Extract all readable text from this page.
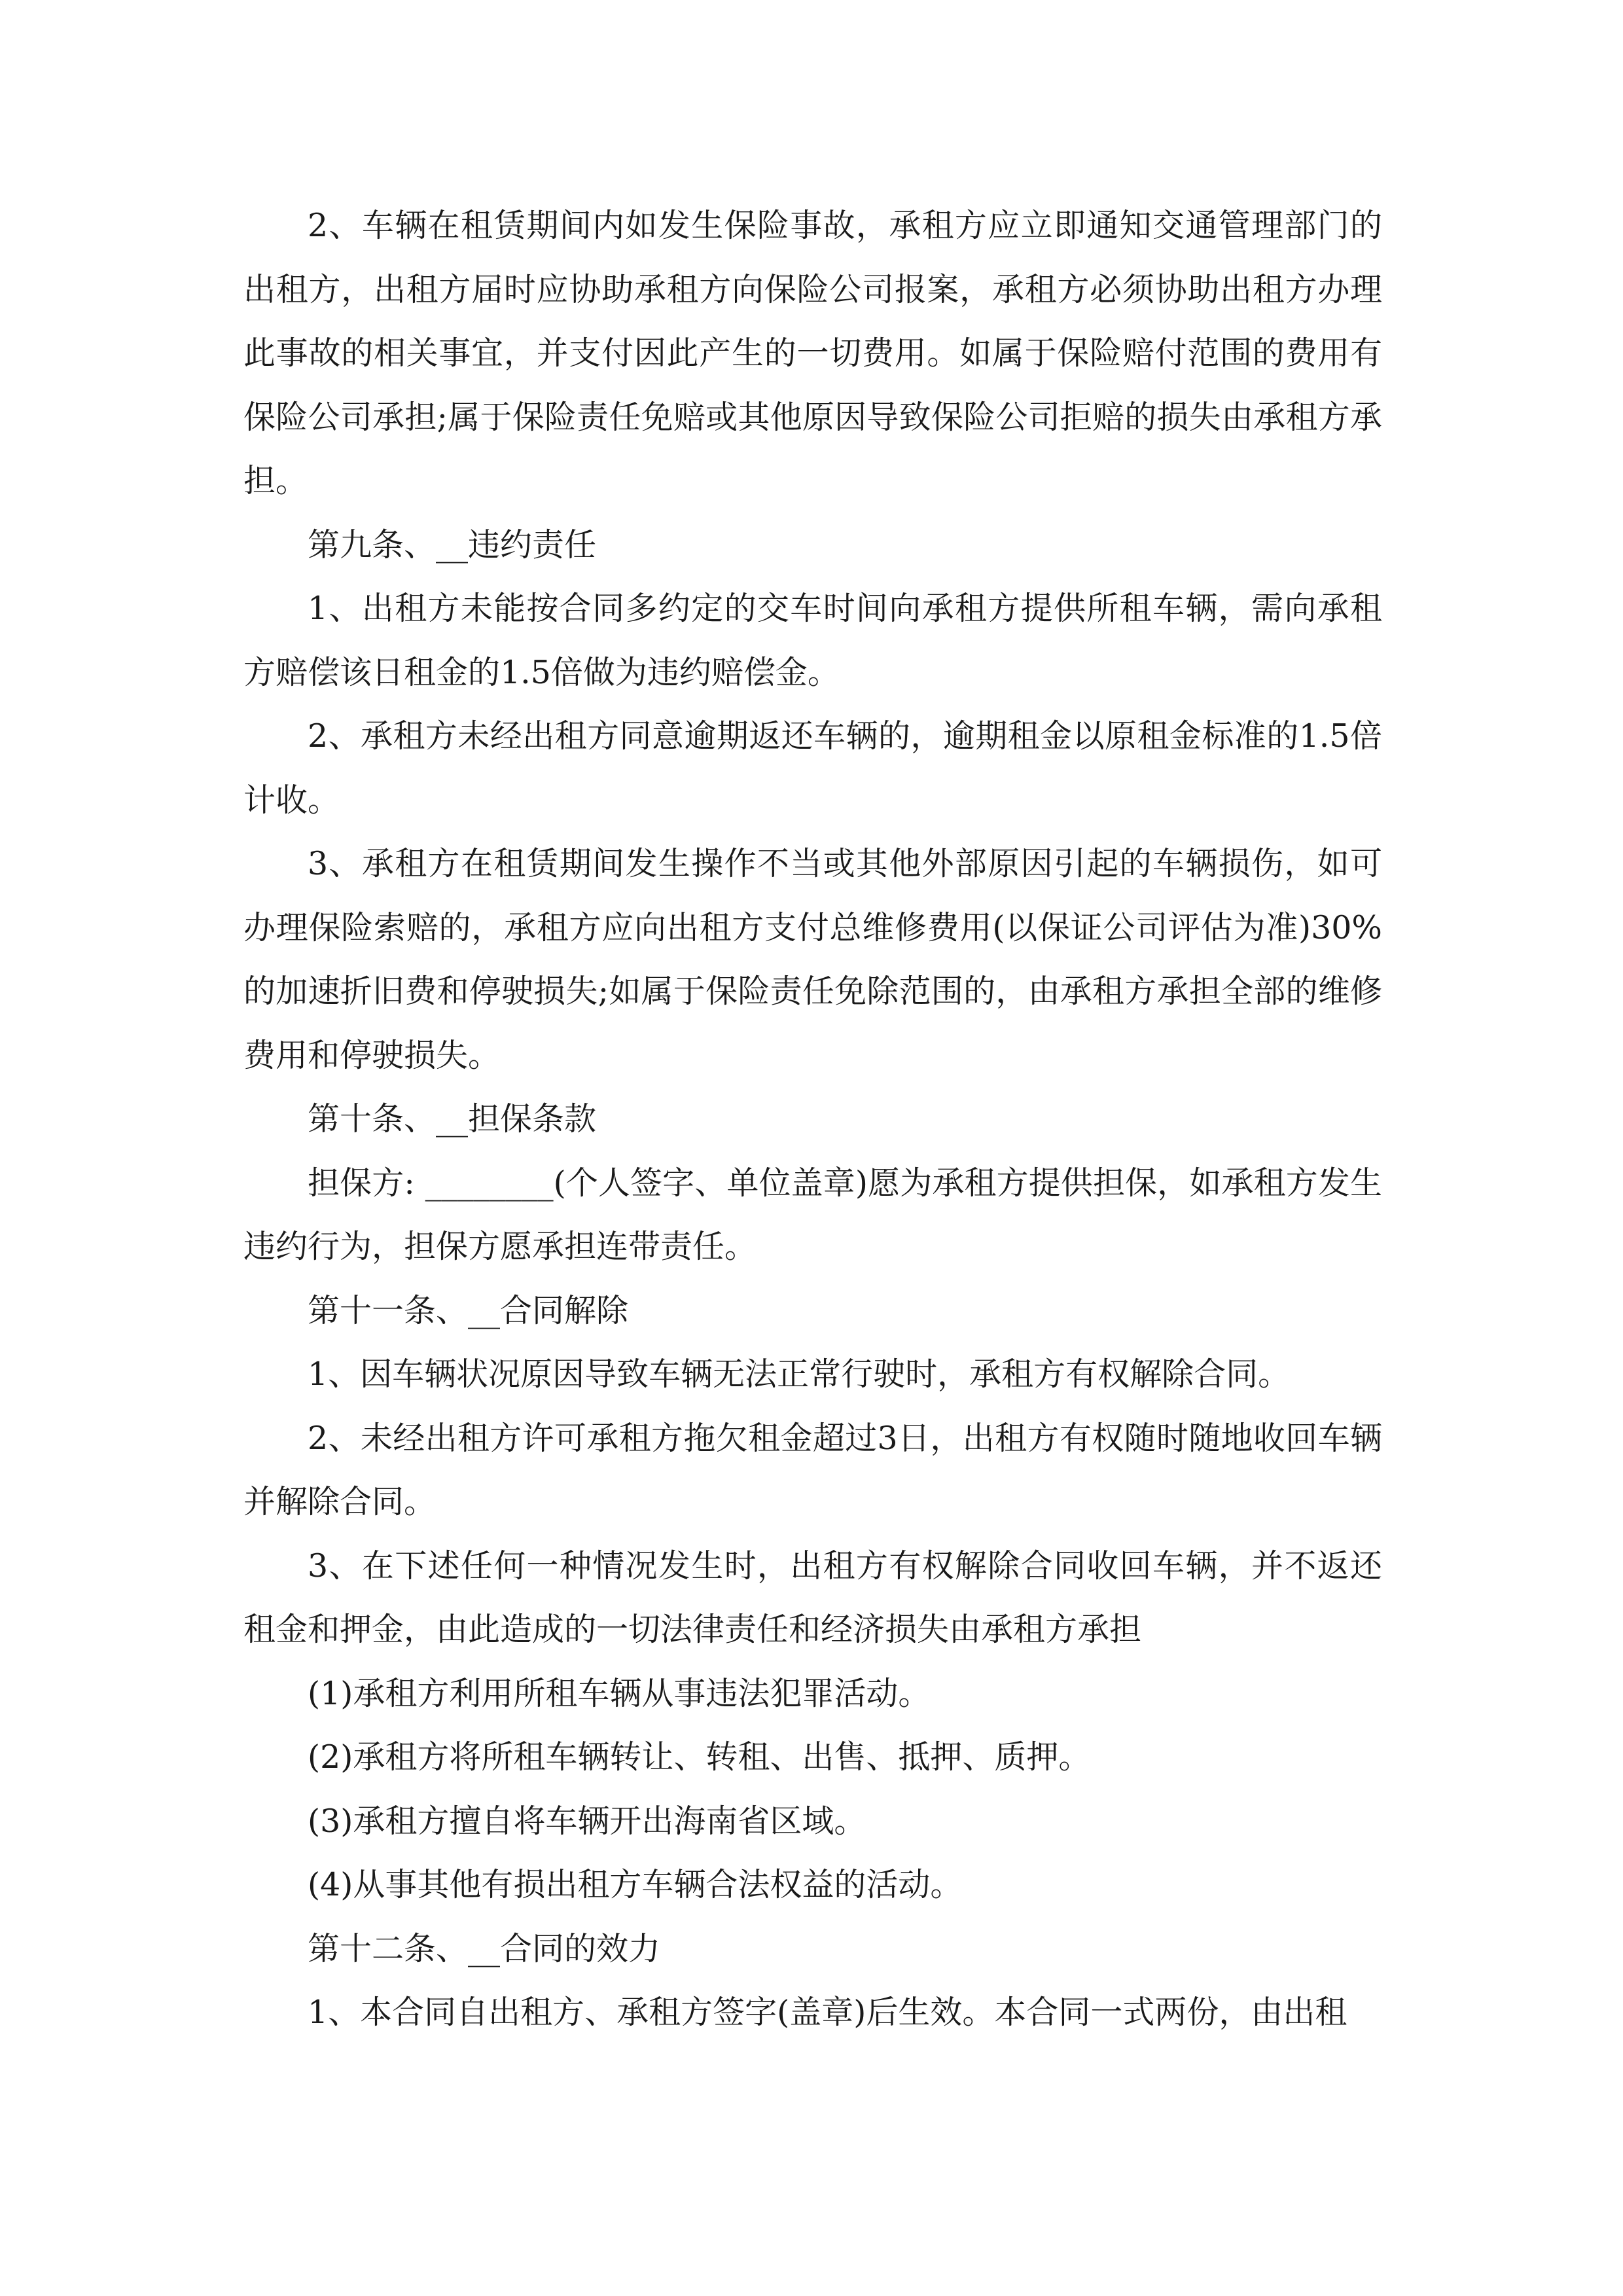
2、车辆在租赁期间内如发生保险事故，承租方应立即通知交通管理部门的出租方，出租方届时应协助承租方向保险公司报案，承租方必须协助出租方办理此事故的相关事宜，并支付因此产生的一切费用。如属于保险赔付范围的费用有保险公司承担;属于保险责任免赔或其他原因导致保险公司拒赔的损失由承租方承担。

第九条、__违约责任

1、出租方未能按合同多约定的交车时间向承租方提供所租车辆，需向承租方赔偿该日租金的1.5倍做为违约赔偿金。

2、承租方未经出租方同意逾期返还车辆的，逾期租金以原租金标准的1.5倍计收。

3、承租方在租赁期间发生操作不当或其他外部原因引起的车辆损伤，如可办理保险索赔的，承租方应向出租方支付总维修费用(以保证公司评估为准)30%的加速折旧费和停驶损失;如属于保险责任免除范围的，由承租方承担全部的维修费用和停驶损失。

第十条、__担保条款

担保方: ________(个人签字、单位盖章)愿为承租方提供担保，如承租方发生违约行为，担保方愿承担连带责任。

第十一条、__合同解除

1、因车辆状况原因导致车辆无法正常行驶时，承租方有权解除合同。

2、未经出租方许可承租方拖欠租金超过3日，出租方有权随时随地收回车辆并解除合同。

3、在下述任何一种情况发生时，出租方有权解除合同收回车辆，并不返还租金和押金，由此造成的一切法律责任和经济损失由承租方承担

(1)承租方利用所租车辆从事违法犯罪活动。

(2)承租方将所租车辆转让、转租、出售、抵押、质押。

(3)承租方擅自将车辆开出海南省区域。

(4)从事其他有损出租方车辆合法权益的活动。

第十二条、__合同的效力

1、本合同自出租方、承租方签字(盖章)后生效。本合同一式两份，由出租
